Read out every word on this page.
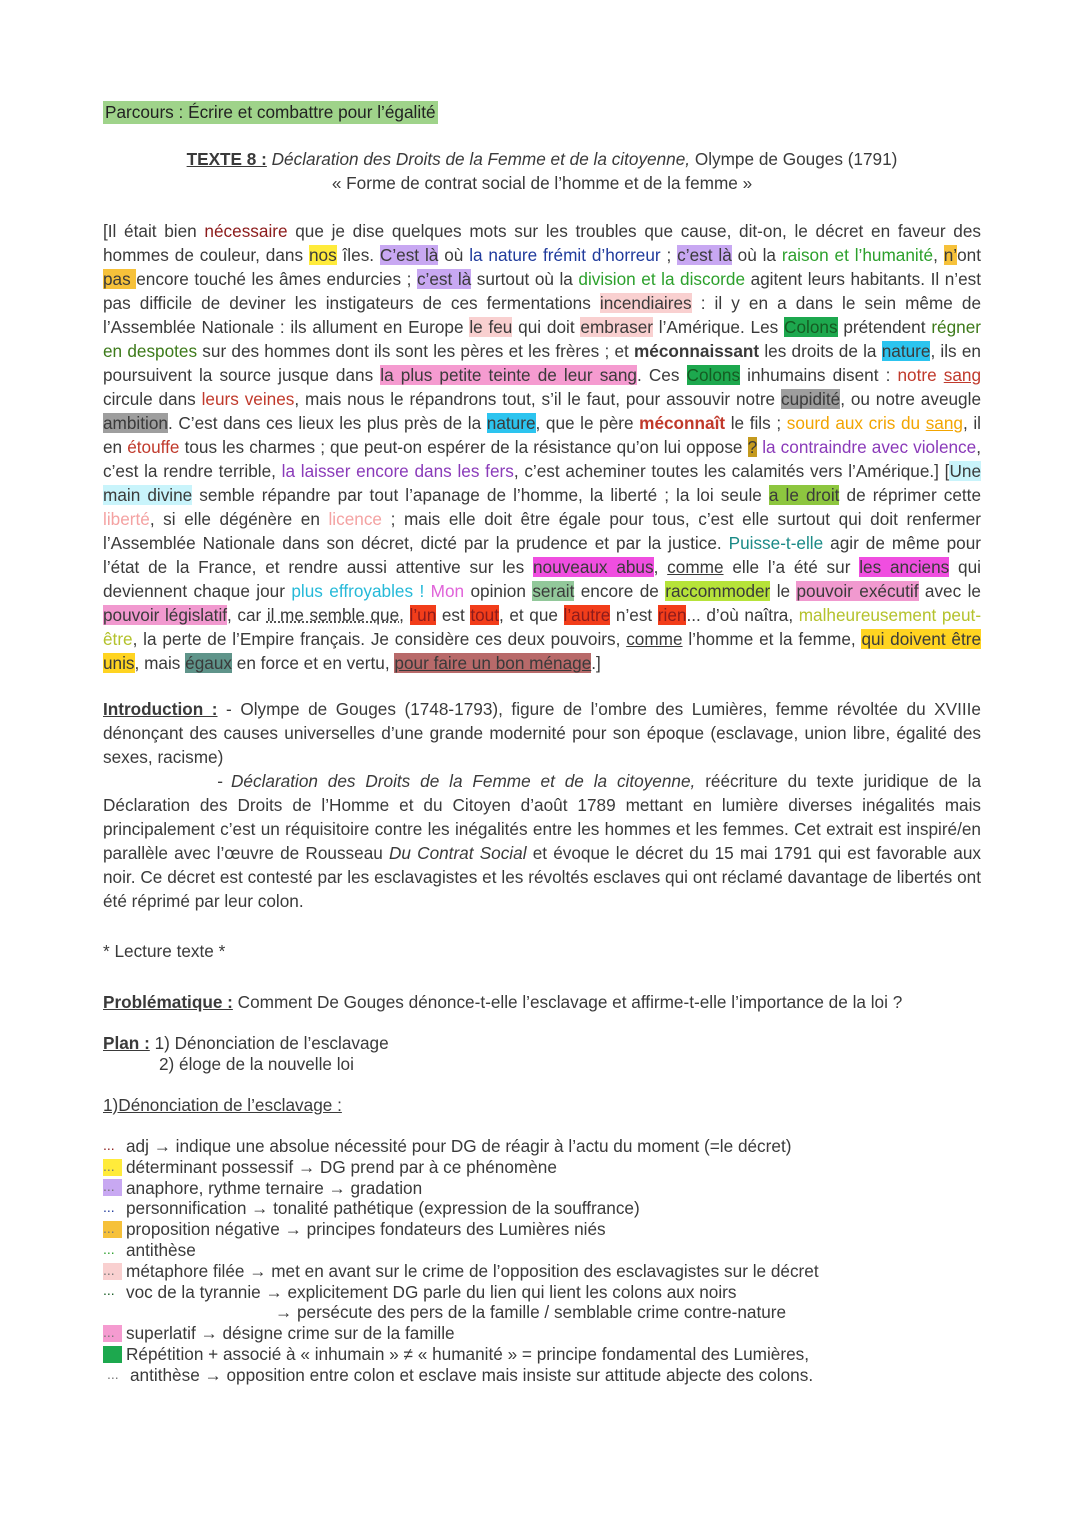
Parcours : Écrire et combattre pour l’égalité
TEXTE 8 : Déclaration des Droits de la Femme et de la citoyenne, Olympe de Gouges (1791)
« Forme de contrat social de l’homme et de la femme »
[Il était bien nécessaire que je dise quelques mots sur les troubles que cause, dit-on, le décret en faveur des hommes de couleur, dans nos îles. C’est là où la nature frémit d’horreur ; c’est là où la raison et l’humanité, n’ont pas encore touché les âmes endurcies ; c’est là surtout où la division et la discorde agitent leurs habitants. Il n’est pas difficile de deviner les instigateurs de ces fermentations incendiaires : il y en a dans le sein même de l’Assemblée Nationale : ils allument en Europe le feu qui doit embraser l’Amérique. Les Colons prétendent régner en despotes sur des hommes dont ils sont les pères et les frères ; et méconnaissant les droits de la nature, ils en poursuivent la source jusque dans la plus petite teinte de leur sang. Ces Colons inhumains disent : notre sang circule dans leurs veines, mais nous le répandrons tout, s’il le faut, pour assouvir notre cupidité, ou notre aveugle ambition. C’est dans ces lieux les plus près de la nature, que le père méconnaît le fils ; sourd aux cris du sang, il en étouffe tous les charmes ; que peut-on espérer de la résistance qu’on lui oppose ? la contraindre avec violence, c’est la rendre terrible, la laisser encore dans les fers, c’est acheminer toutes les calamités vers l’Amérique.] [Une main divine semble répandre par tout l’apanage de l’homme, la liberté ; la loi seule a le droit de réprimer cette liberté, si elle dégénère en licence ; mais elle doit être égale pour tous, c’est elle surtout qui doit renfermer l’Assemblée Nationale dans son décret, dicté par la prudence et par la justice. Puisse-t-elle agir de même pour l’état de la France, et rendre aussi attentive sur les nouveaux abus, comme elle l’a été sur les anciens qui deviennent chaque jour plus effroyables ! Mon opinion serait encore de raccommoder le pouvoir exécutif avec le pouvoir législatif, car il me semble que, l’un est tout, et que l’autre n’est rien... d’où naîtra, malheureusement peut-être, la perte de l’Empire français. Je considère ces deux pouvoirs, comme l’homme et la femme, qui doivent être unis, mais égaux en force et en vertu, pour faire un bon ménage.]
Introduction : - Olympe de Gouges (1748-1793), figure de l’ombre des Lumières, femme révoltée du XVIIIe dénonçant des causes universelles d’une grande modernité pour son époque (esclavage, union libre, égalité des sexes, racisme)
- Déclaration des Droits de la Femme et de la citoyenne, réécriture du texte juridique de la Déclaration des Droits de l’Homme et du Citoyen d’août 1789 mettant en lumière diverses inégalités mais principalement c’est un réquisitoire contre les inégalités entre les hommes et les femmes. Cet extrait est inspiré/en parallèle avec l’œuvre de Rousseau Du Contrat Social et évoque le décret du 15 mai 1791 qui est favorable aux noir. Ce décret est contesté par les esclavagistes et les révoltés esclaves qui ont réclamé davantage de libertés ont été réprimé par leur colon.
* Lecture texte *
Problématique : Comment De Gouges dénonce-t-elle l’esclavage et affirme-t-elle l’importance de la loi ?
Plan : 1) Dénonciation de l’esclavage
2) éloge de la nouvelle loi
1)Dénonciation de l’esclavage :
... adj → indique une absolue nécessité pour DG de réagir à l’actu du moment (=le décret)
... déterminant possessif → DG prend par à ce phénomène
... anaphore, rythme ternaire → gradation
... personnification → tonalité pathétique (expression de la souffrance)
... proposition négative → principes fondateurs des Lumières niés
... antithèse
... métaphore filée → met en avant sur le crime de l’opposition des esclavagistes sur le décret
... voc de la tyrannie → explicitement DG parle du lien qui lient les colons aux noirs
→ persécute des pers de la famille / semblable crime contre-nature
... superlatif → désigne crime sur de la famille
Répétition + associé à « inhumain » ≠ « humanité » = principe fondamental des Lumières,
... antithèse → opposition entre colon et esclave mais insiste sur attitude abjecte des colons.
